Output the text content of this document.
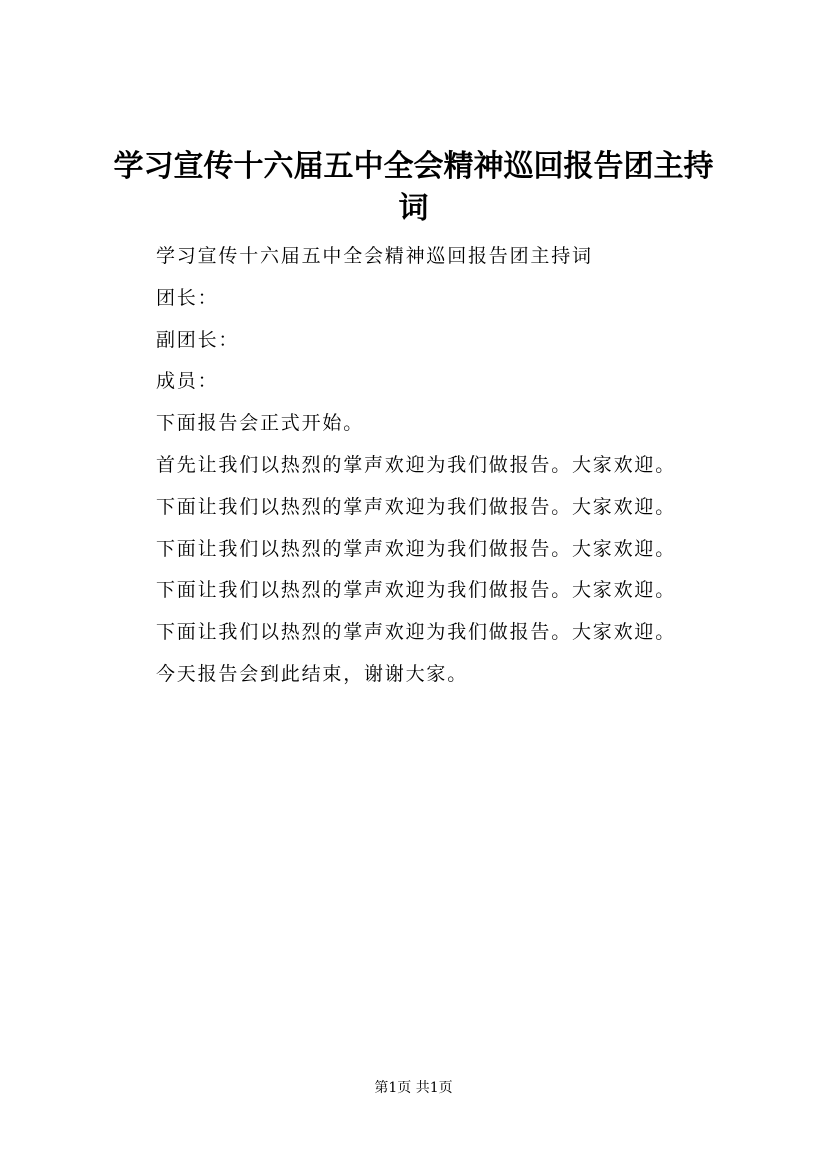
学习宣传十六届五中全会精神巡回报告团主持词

学习宣传十六届五中全会精神巡回报告团主持词

团长：

副团长：

成员：

下面报告会正式开始。

首先让我们以热烈的掌声欢迎为我们做报告。大家欢迎。

下面让我们以热烈的掌声欢迎为我们做报告。大家欢迎。

下面让我们以热烈的掌声欢迎为我们做报告。大家欢迎。

下面让我们以热烈的掌声欢迎为我们做报告。大家欢迎。

下面让我们以热烈的掌声欢迎为我们做报告。大家欢迎。

今天报告会到此结束，谢谢大家。

第1页 共1页
